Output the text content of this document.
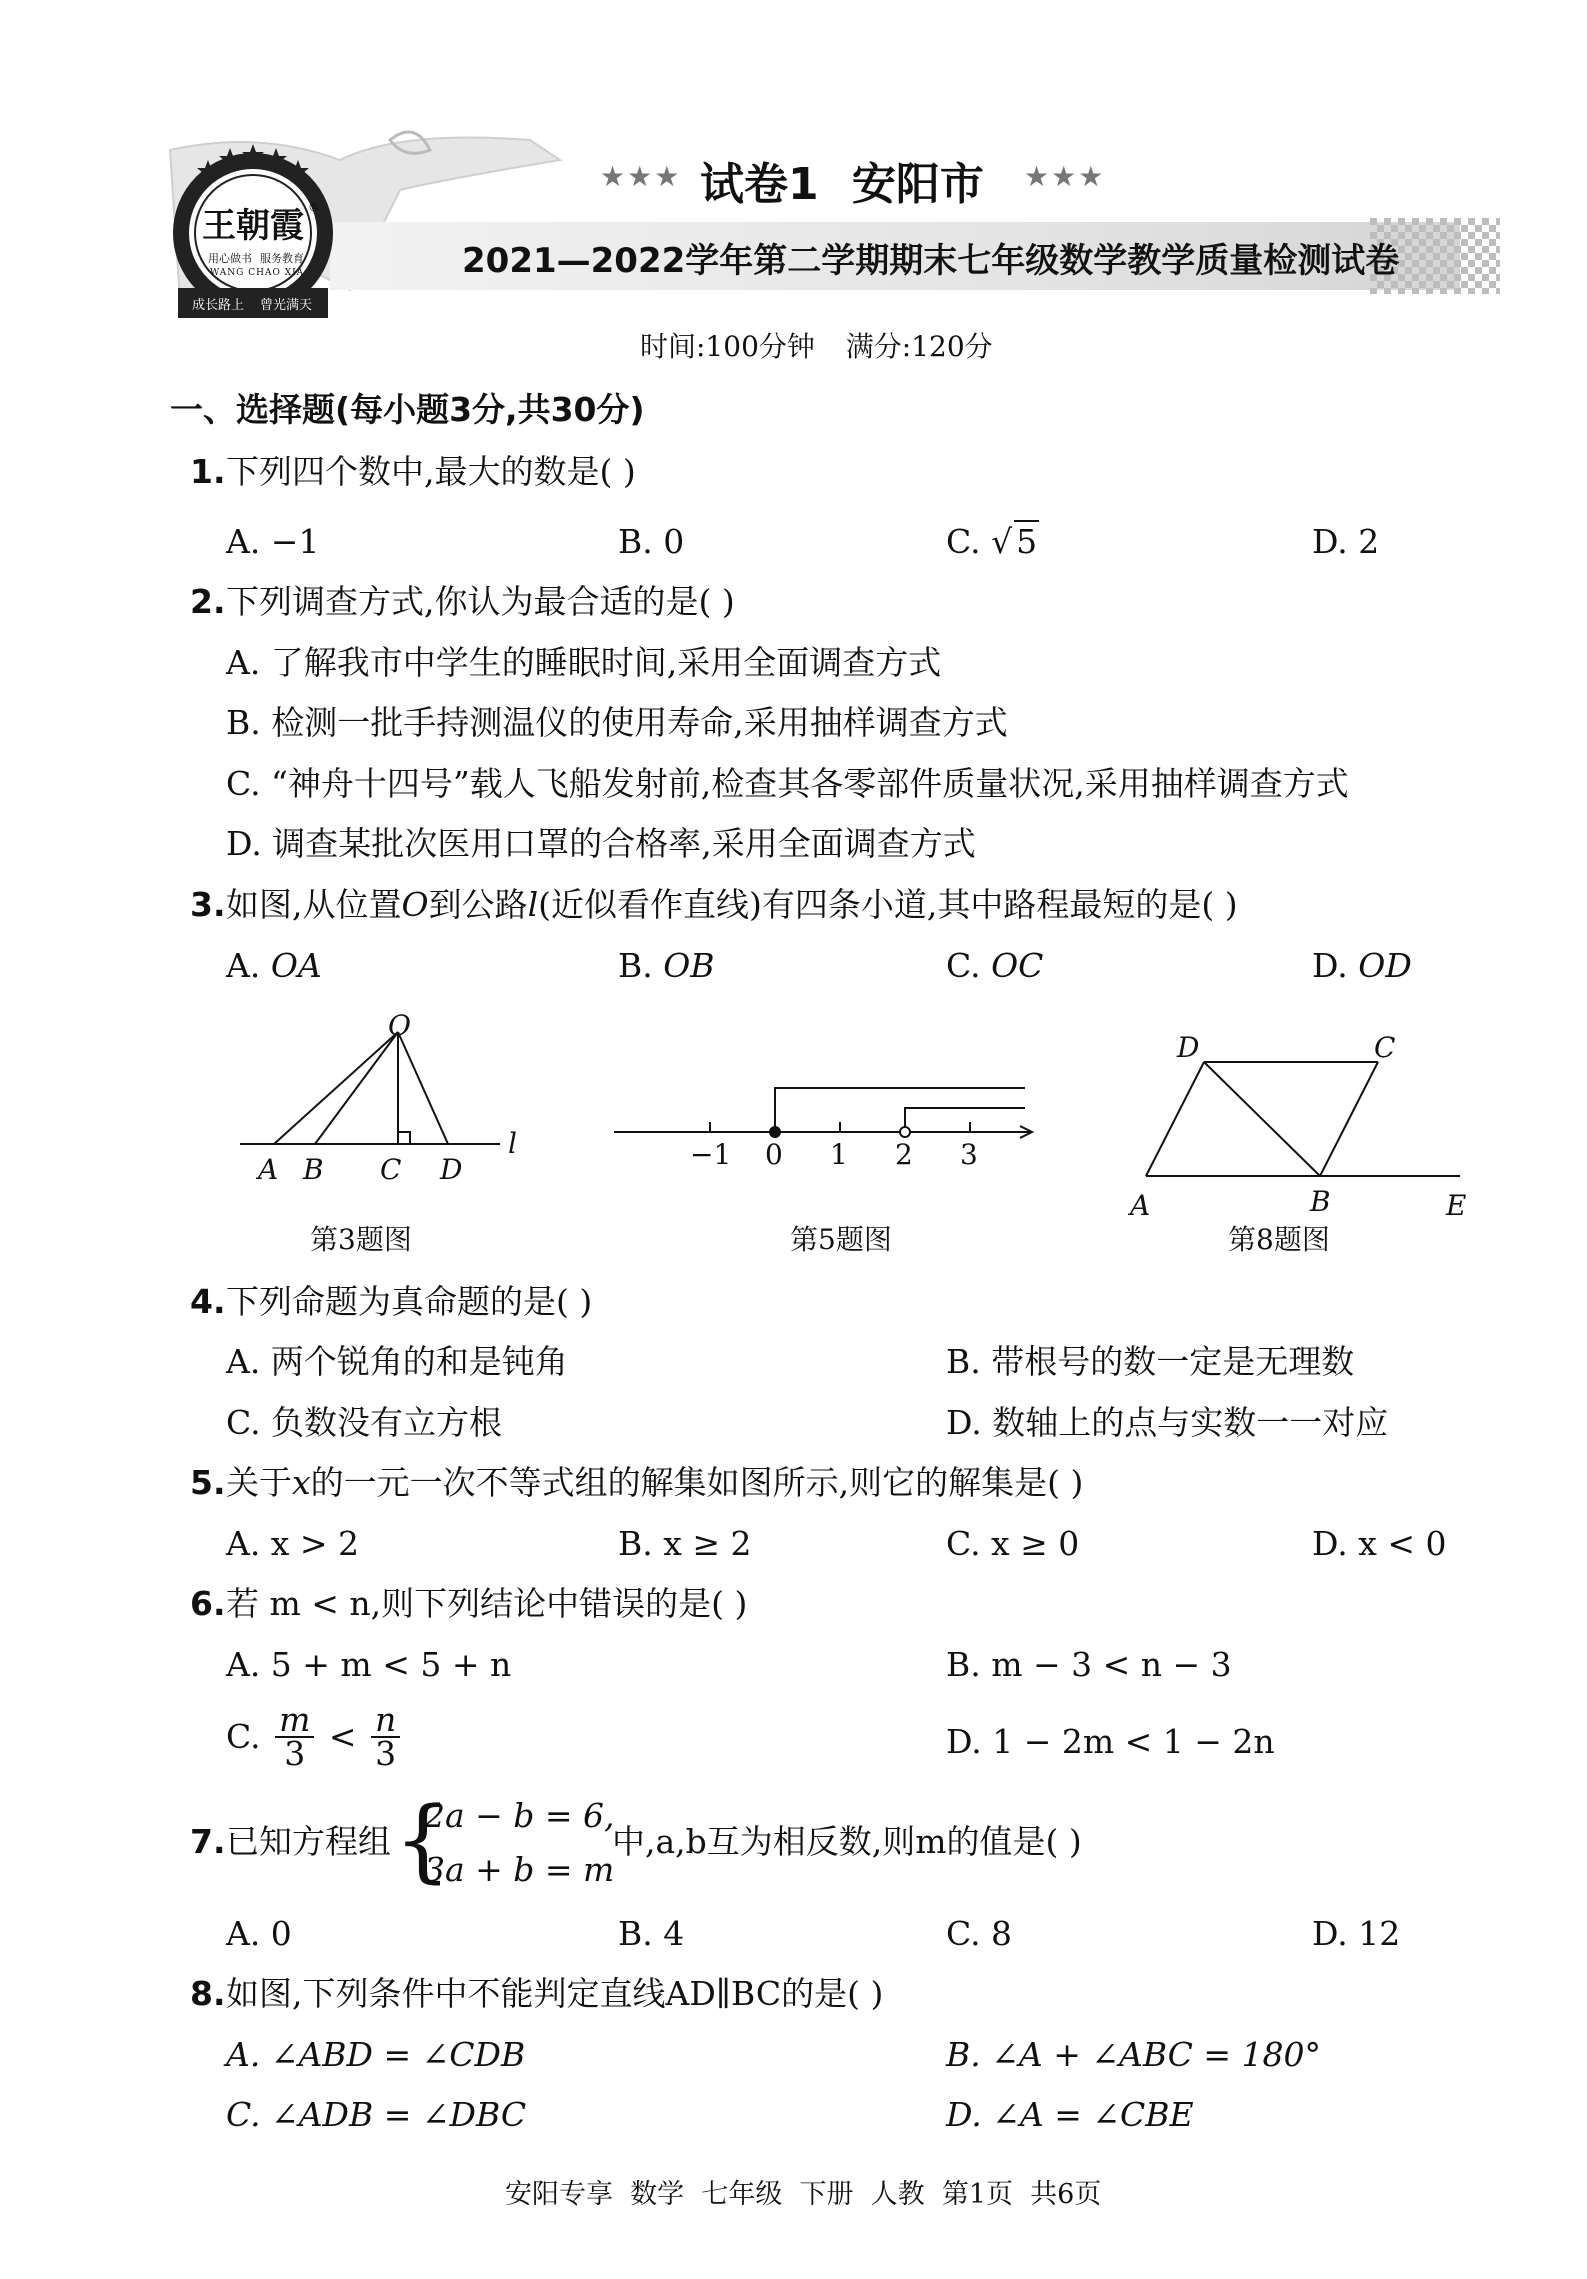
王朝霞 ®
用心做书 服务教育
WANG CHAO XIA
成长路上 曾光满天
★★★ 试卷1 安阳市 ★★★
2021—2022学年第二学期期末七年级数学教学质量检测试卷
时间:100分钟 满分:120分
一、选择题(每小题3分,共30分)
1. 下列四个数中,最大的数是( )
A. −1	B. 0	C. √ 5	D. 2
2. 下列调查方式,你认为最合适的是( )
A. 了解我市中学生的睡眠时间,采用全面调查方式
B. 检测一批手持测温仪的使用寿命,采用抽样调查方式
C. “神舟十四号”载人飞船发射前,检查其各零部件质量状况,采用抽样调查方式
D. 调查某批次医用口罩的合格率,采用全面调查方式
3. 如图,从位置O到公路l(近似看作直线)有四条小道,其中路程最短的是( )
A. OA	B. OB	C. OC	D. OD
O
A B C D
l
第3题图
−1 0 1 2 3
第5题图
D	C
A	B	E
第8题图
4. 下列命题为真命题的是( )
A. 两个锐角的和是钝角	B. 带根号的数一定是无理数
C. 负数没有立方根	D. 数轴上的点与实数一一对应
5. 关于x的一元一次不等式组的解集如图所示,则它的解集是( )
A. x > 2	B. x ≥ 2	C. x ≥ 0	D. x < 0
6. 若 m < n,则下列结论中错误的是( )
A. 5 + m < 5 + n	B. m − 3 < n − 3
C. $\frac{m}{3} < \frac{n}{3}$	D. 1 − 2m < 1 − 2n
7. 已知方程组 {
2a − b = 6,
3a + b = m
中,a,b互为相反数,则m的值是( )
A. 0	B. 4	C. 8	D. 12
8. 如图,下列条件中不能判定直线AD∥BC的是( )
A. ∠ABD = ∠CDB	B. ∠A + ∠ABC = 180°
C. ∠ADB = ∠DBC	D. ∠A = ∠CBE
安阳专享  数学  七年级  下册  人教  第1页  共6页
